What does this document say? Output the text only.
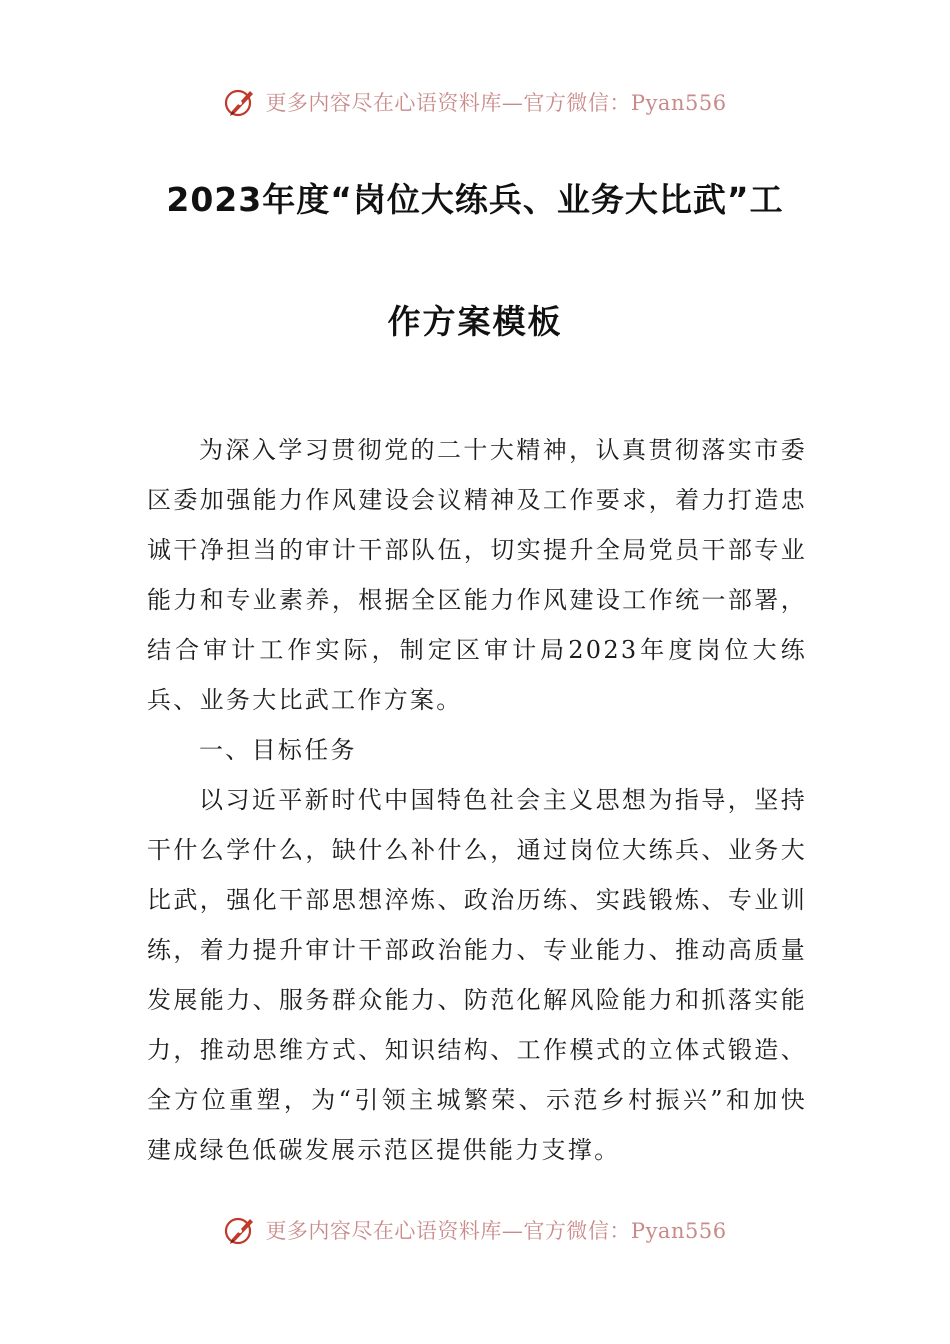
更多内容尽在心语资料库—官方微信：Pyan556
2023年度“岗位大练兵、业务大比武”工
作方案模板

为深入学习贯彻党的二十大精神，认真贯彻落实市委区委加强能力作风建设会议精神及工作要求，着力打造忠诚干净担当的审计干部队伍，切实提升全局党员干部专业能力和专业素养，根据全区能力作风建设工作统一部署，结合审计工作实际，制定区审计局2023年度岗位大练兵、业务大比武工作方案。

一、目标任务

以习近平新时代中国特色社会主义思想为指导，坚持干什么学什么，缺什么补什么，通过岗位大练兵、业务大比武，强化干部思想淬炼、政治历练、实践锻炼、专业训练，着力提升审计干部政治能力、专业能力、推动高质量发展能力、服务群众能力、防范化解风险能力和抓落实能力，推动思维方式、知识结构、工作模式的立体式锻造、全方位重塑，为“引领主城繁荣、示范乡村振兴”和加快建成绿色低碳发展示范区提供能力支撑。

更多内容尽在心语资料库—官方微信：Pyan556
